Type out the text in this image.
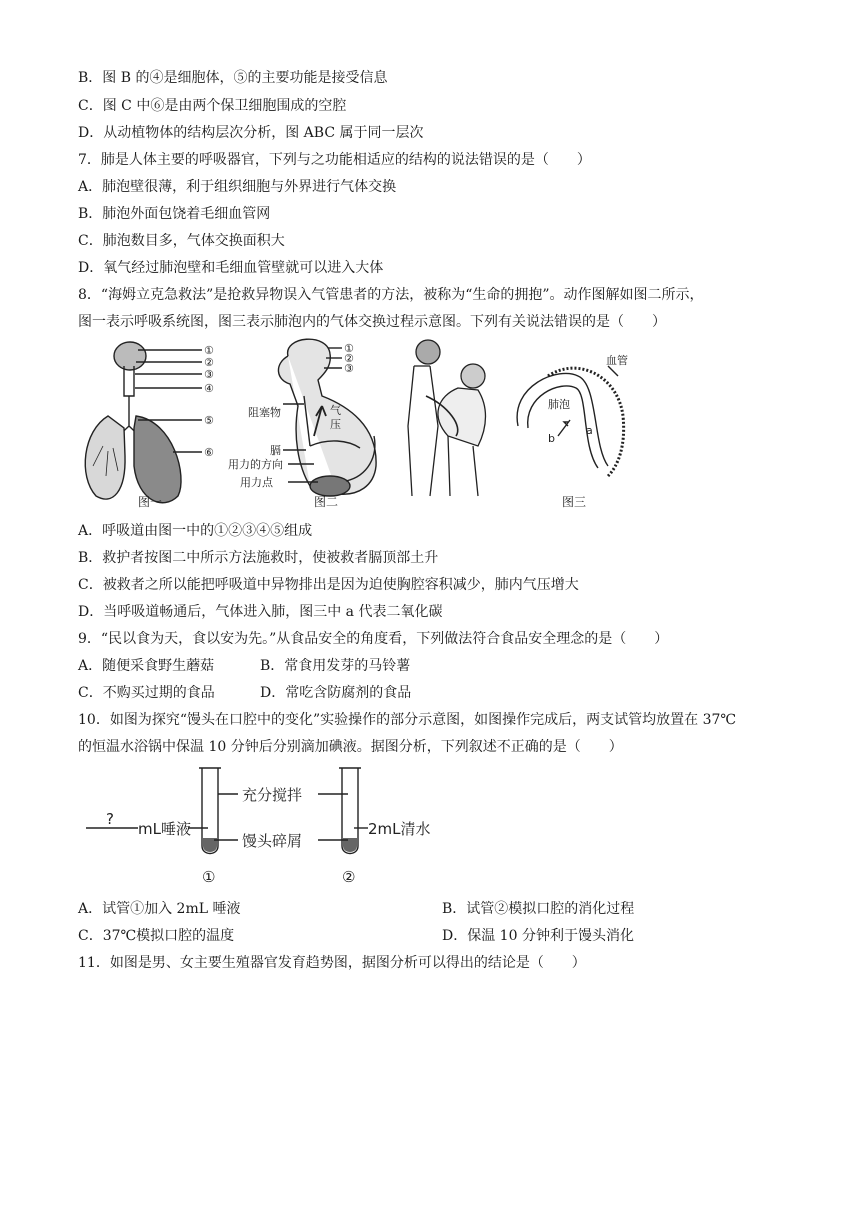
B．图 B 的④是细胞体，⑤的主要功能是接受信息
C．图 C 中⑥是由两个保卫细胞围成的空腔
D．从动植物体的结构层次分析，图 ABC 属于同一层次
7．肺是人体主要的呼吸器官，下列与之功能相适应的结构的说法错误的是（　　）
A．肺泡壁很薄，利于组织细胞与外界进行气体交换
B．肺泡外面包饶着毛细血管网
C．肺泡数目多，气体交换面积大
D．氧气经过肺泡壁和毛细血管壁就可以进入大体
8．“海姆立克急救法”是抢救异物误入气管患者的方法，被称为“生命的拥抱”。动作图解如图二所示，
图一表示呼吸系统图，图三表示肺泡内的气体交换过程示意图。下列有关说法错误的是（　　）
①
②
③
④
⑤
⑥
图一
①
②
③
阻塞物	气
压
膈
用力的方向
用力点
图二
肺泡
血管
b
a
图三
A．呼吸道由图一中的①②③④⑤组成
B．救护者按图二中所示方法施救时，使被救者膈顶部土升
C．被救者之所以能把呼吸道中异物排出是因为迫使胸腔容积减少，肺内气压增大
D．当呼吸道畅通后，气体进入肺，图三中 a 代表二氧化碳
9．“民以食为天，食以安为先。”从食品安全的角度看，下列做法符合食品安全理念的是（　　）
A．随便采食野生蘑菇	B．常食用发芽的马铃薯
C．不购买过期的食品	D．常吃含防腐剂的食品
10．如图为探究“馒头在口腔中的变化”实验操作的部分示意图，如图操作完成后，两支试管均放置在 37℃
的恒温水浴锅中保温 10 分钟后分别滴加碘液。据图分析，下列叙述不正确的是（　　）
?
mL唾液
充分搅拌
馒头碎屑
2mL清水
①	②
A．试管①加入 2mL 唾液	B．试管②模拟口腔的消化过程
C．37℃模拟口腔的温度	D．保温 10 分钟利于馒头消化
11．如图是男、女主要生殖器官发育趋势图，据图分析可以得出的结论是（　　）
